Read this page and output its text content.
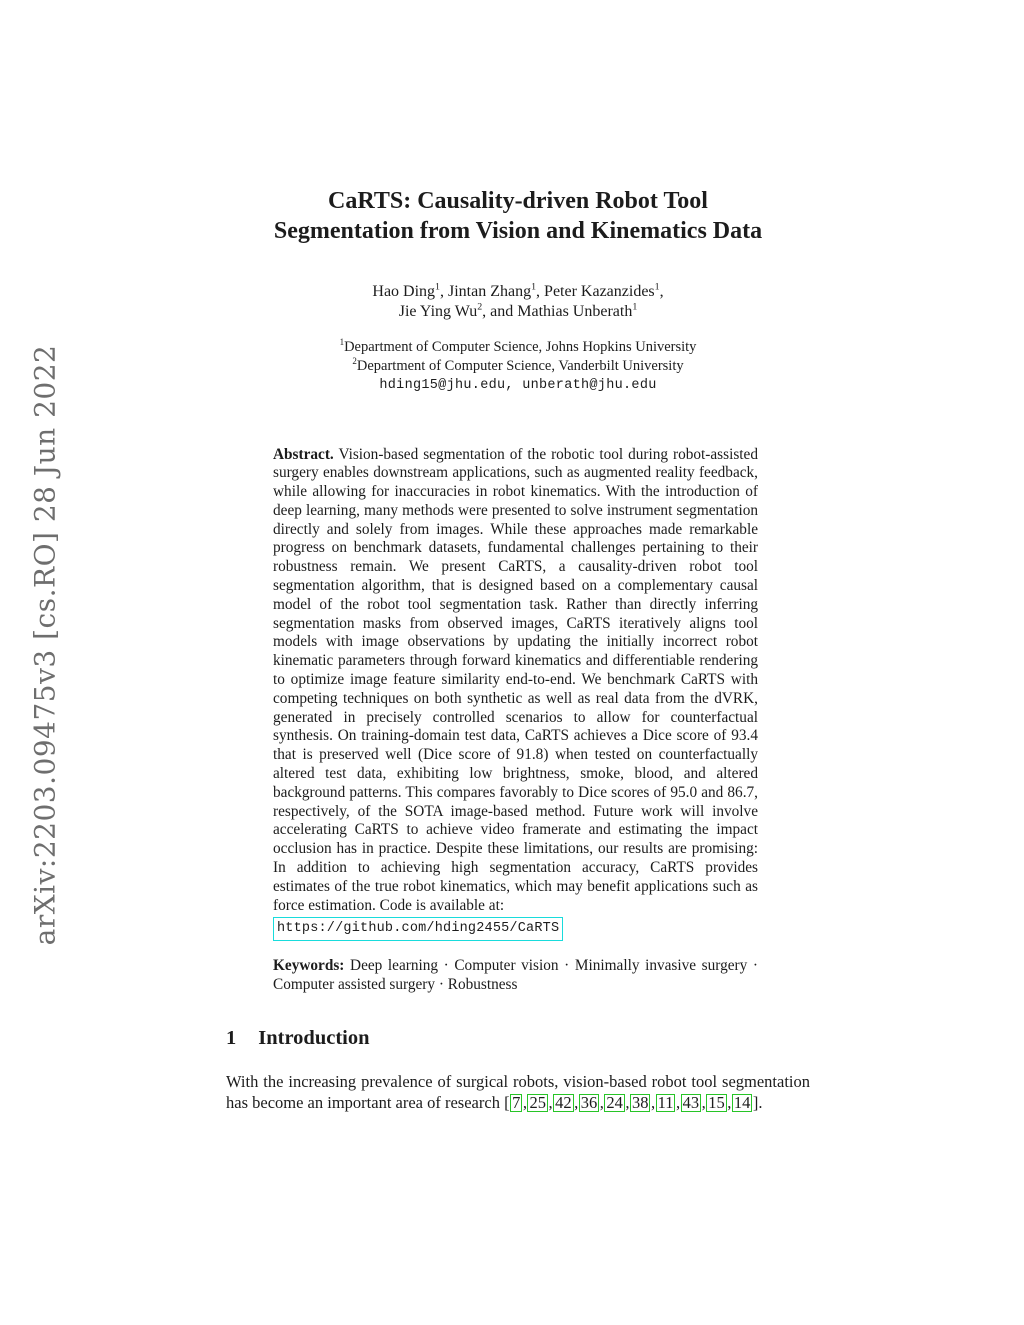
arXiv:2203.09475v3 [cs.RO] 28 Jun 2022
CaRTS: Causality-driven Robot Tool
Segmentation from Vision and Kinematics Data
Hao Ding$^1$, Jintan Zhang$^1$, Peter Kazanzides$^1$,
Jie Ying Wu$^2$, and Mathias Unberath$^1$
$^1$Department of Computer Science, Johns Hopkins University
$^2$Department of Computer Science, Vanderbilt University
hding15@jhu.edu, unberath@jhu.edu

Abstract. Vision-based segmentation of the robotic tool during robot-assisted surgery enables downstream applications, such as augmented reality feedback, while allowing for inaccuracies in robot kinematics. With the introduction of deep learning, many methods were presented to solve instrument segmentation directly and solely from images. While these approaches made remarkable progress on benchmark datasets, fundamental challenges pertaining to their robustness remain. We present CaRTS, a causality-driven robot tool segmentation algorithm, that is designed based on a complementary causal model of the robot tool segmentation task. Rather than directly inferring segmentation masks from observed images, CaRTS iteratively aligns tool models with image observations by updating the initially incorrect robot kinematic parameters through forward kinematics and differentiable rendering to optimize image feature similarity end-to-end. We benchmark CaRTS with competing techniques on both synthetic as well as real data from the dVRK, generated in precisely controlled scenarios to allow for counterfactual synthesis. On training-domain test data, CaRTS achieves a Dice score of 93.4 that is preserved well (Dice score of 91.8) when tested on counterfactually altered test data, exhibiting low brightness, smoke, blood, and altered background patterns. This compares favorably to Dice scores of 95.0 and 86.7, respectively, of the SOTA image-based method. Future work will involve accelerating CaRTS to achieve video framerate and estimating the impact occlusion has in practice. Despite these limitations, our results are promising: In addition to achieving high segmentation accuracy, CaRTS provides estimates of the true robot kinematics, which may benefit applications such as force estimation. Code is available at:

https://github.com/hding2455/CaRTS

Keywords: Deep learning · Computer vision · Minimally invasive surgery · Computer assisted surgery · Robustness

1 Introduction

With the increasing prevalence of surgical robots, vision-based robot tool segmentation has become an important area of research [ 7 , 25 , 42 , 36 , 24 , 38 , 11 , 43 , 15 , 14 ].
